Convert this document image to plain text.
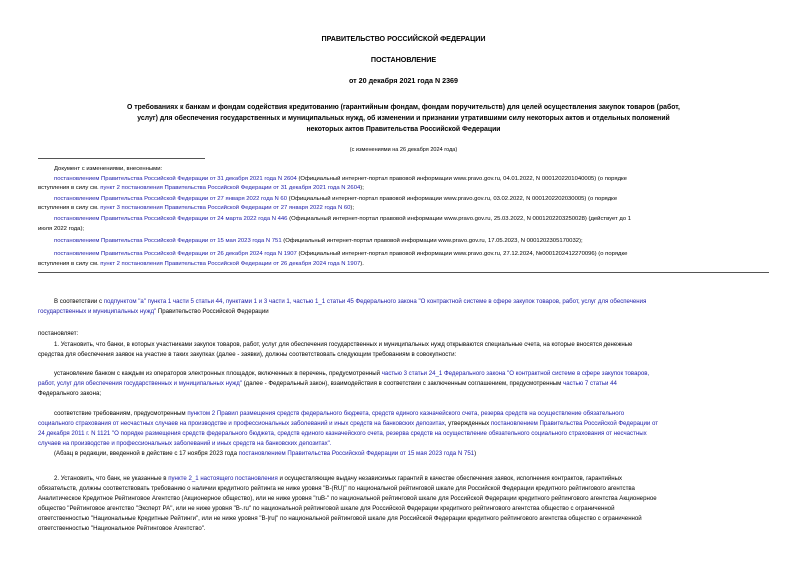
ПРАВИТЕЛЬСТВО РОССИЙСКОЙ ФЕДЕРАЦИИ
ПОСТАНОВЛЕНИЕ
от 20 декабря 2021 года N 2369
О требованиях к банкам и фондам содействия кредитованию (гарантийным фондам, фондам поручительств) для целей осуществления закупок товаров (работ,
услуг) для обеспечения государственных и муниципальных нужд, об изменении и признании утратившими силу некоторых актов и отдельных положений
некоторых актов Правительства Российской Федерации
(с изменениями на 26 декабря 2024 года)
Документ с изменениями, внесенными:
постановлением Правительства Российской Федерации от 31 декабря 2021 года N 2604 (Официальный интернет-портал правовой информации www.pravo.gov.ru, 04.01.2022, N 0001202201040005) (о порядке
вступления в силу см. пункт 2 постановления Правительства Российской Федерации от 31 декабря 2021 года N 2604);
постановлением Правительства Российской Федерации от 27 января 2022 года N 60 (Официальный интернет-портал правовой информации www.pravo.gov.ru, 03.02.2022, N 0001202202030005) (о порядке
вступления в силу см. пункт 3 постановления Правительства Российской Федерации от 27 января 2022 года N 60);
постановлением Правительства Российской Федерации от 24 марта 2022 года N 446 (Официальный интернет-портал правовой информации www.pravo.gov.ru, 25.03.2022, N 0001202203250028) (действует до 1
июля 2022 года);
постановлением Правительства Российской Федерации от 15 мая 2023 года N 751 (Официальный интернет-портал правовой информации www.pravo.gov.ru, 17.05.2023, N 0001202305170032);
постановлением Правительства Российской Федерации от 26 декабря 2024 года N 1907 (Официальный интернет-портал правовой информации www.pravo.gov.ru, 27.12.2024, №0001202412270096) (о порядке
вступления в силу см. пункт 2 постановления Правительства Российской Федерации от 26 декабря 2024 года N 1907).
В соответствии с подпунктом "а" пункта 1 части 5 статьи 44, пунктами 1 и 3 части 1, частью 1_1 статьи 45 Федерального закона "О контрактной системе в сфере закупок товаров, работ, услуг для обеспечения
государственных и муниципальных нужд" Правительство Российской Федерации
постановляет:
1. Установить, что банки, в которых участниками закупок товаров, работ, услуг для обеспечения государственных и муниципальных нужд открываются специальные счета, на которые вносятся денежные
средства для обеспечения заявок на участие в таких закупках (далее - заявки), должны соответствовать следующим требованиям в совокупности:
установление банком с каждым из операторов электронных площадок, включенных в перечень, предусмотренный частью 3 статьи 24_1 Федерального закона "О контрактной системе в сфере закупок товаров,
работ, услуг для обеспечения государственных и муниципальных нужд" (далее - Федеральный закон), взаимодействия в соответствии с заключенным соглашением, предусмотренным частью 7 статьи 44
Федерального закона;
соответствие требованиям, предусмотренным пунктом 2 Правил размещения средств федерального бюджета, средств единого казначейского счета, резерва средств на осуществление обязательного
социального страхования от несчастных случаев на производстве и профессиональных заболеваний и иных средств на банковских депозитах, утвержденных постановлением Правительства Российской Федерации от
24 декабря 2011 г. N 1121 "О порядке размещения средств федерального бюджета, средств единого казначейского счета, резерва средств на осуществление обязательного социального страхования от несчастных
случаев на производстве и профессиональных заболеваний и иных средств на банковских депозитах".
(Абзац в редакции, введенной в действие с 17 ноября 2023 года постановлением Правительства Российской Федерации от 15 мая 2023 года N 751)
2. Установить, что банк, не указанные в пункте 2_1 настоящего постановления и осуществляющие выдачу независимых гарантий в качестве обеспечения заявок, исполнения контрактов, гарантийных
обязательств, должны соответствовать требованию о наличии кредитного рейтинга не ниже уровня "B-(RU)" по национальной рейтинговой шкале для Российской Федерации кредитного рейтингового агентства
Аналитическое Кредитное Рейтинговое Агентство (Акционерное общество), или не ниже уровня "ruB-" по национальной рейтинговой шкале для Российской Федерации кредитного рейтингового агентства Акционерное
общество "Рейтинговое агентство "Эксперт РА", или не ниже уровня "B-.ru" по национальной рейтинговой шкале для Российской Федерации кредитного рейтингового агентства общество с ограниченной
ответственностью "Национальные Кредитные Рейтинги", или не ниже уровня "B-|ru|" по национальной рейтинговой шкале для Российской Федерации кредитного рейтингового агентства общество с ограниченной
ответственностью "Национальное Рейтинговое Агентство".
